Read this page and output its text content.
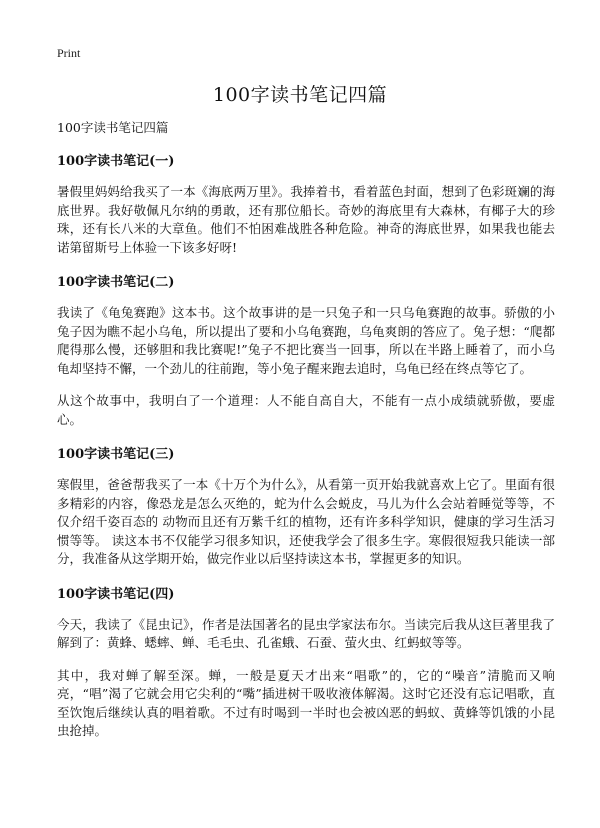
Print
100字读书笔记四篇

100字读书笔记四篇

100字读书笔记(一)

暑假里妈妈给我买了一本《海底两万里》。我捧着书，看着蓝色封面，想到了色彩斑斓的海底世界。我好敬佩凡尔纳的勇敢，还有那位船长。奇妙的海底里有大森林，有椰子大的珍珠，还有长八米的大章鱼。他们不怕困难战胜各种危险。神奇的海底世界，如果我也能去诺第留斯号上体验一下该多好呀!

100字读书笔记(二)

我读了《龟兔赛跑》这本书。这个故事讲的是一只兔子和一只乌龟赛跑的故事。骄傲的小兔子因为瞧不起小乌龟，所以提出了要和小乌龟赛跑，乌龟爽朗的答应了。兔子想：“爬都爬得那么慢，还够胆和我比赛呢!”兔子不把比赛当一回事，所以在半路上睡着了，而小乌龟却坚持不懈，一个劲儿的往前跑，等小兔子醒来跑去追时，乌龟已经在终点等它了。

从这个故事中，我明白了一个道理：人不能自高自大，不能有一点小成绩就骄傲，要虚心。

100字读书笔记(三)

寒假里，爸爸帮我买了一本《十万个为什么》，从看第一页开始我就喜欢上它了。里面有很多精彩的内容，像恐龙是怎么灭绝的，蛇为什么会蜕皮，马儿为什么会站着睡觉等等，不仅介绍千姿百态的 动物而且还有万紫千红的植物，还有许多科学知识，健康的学习生活习惯等等。 读这本书不仅能学习很多知识，还使我学会了很多生字。寒假很短我只能读一部分，我准备从这学期开始，做完作业以后坚持读这本书，掌握更多的知识。

100字读书笔记(四)

今天，我读了《昆虫记》，作者是法国著名的昆虫学家法布尔。当读完后我从这巨著里我了解到了：黄蜂、蟋蟀、蝉、毛毛虫、孔雀蛾、石蚕、萤火虫、红蚂蚁等等。

其中，我对蝉了解至深。蝉，一般是夏天才出来“唱歌”的，它的“噪音”清脆而又响亮，“唱”渴了它就会用它尖利的“嘴”插进树干吸收液体解渴。这时它还没有忘记唱歌，直至饮饱后继续认真的唱着歌。不过有时喝到一半时也会被凶恶的蚂蚁、黄蜂等饥饿的小昆虫抢掉。
